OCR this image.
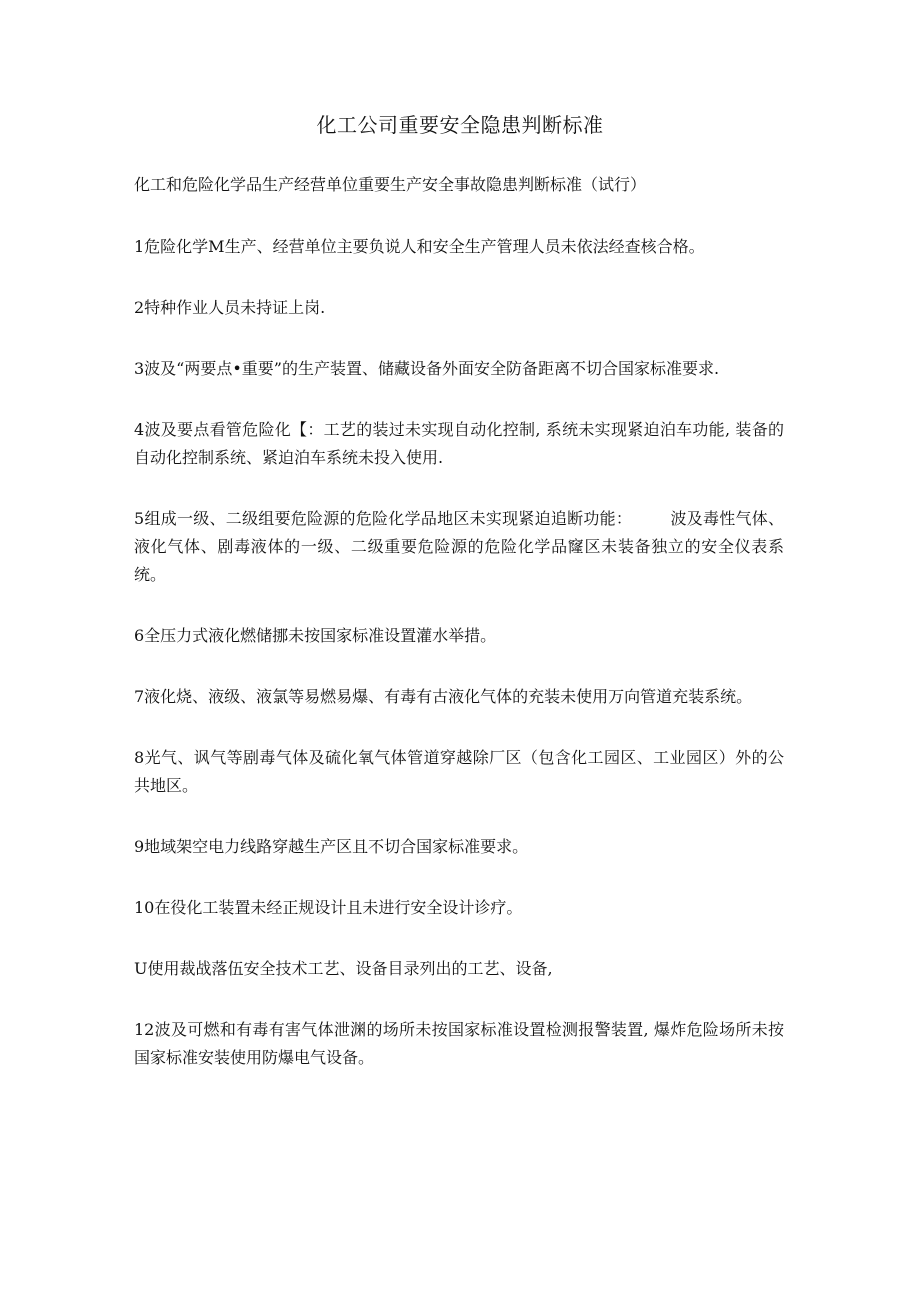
化工公司重要安全隐患判断标准

化工和危险化学品生产经营单位重要生产安全事故隐患判断标准（试行）

1危险化学M生产、经营单位主要负说人和安全生产管理人员未依法经查核合格。
2特种作业人员未持证上岗.
3波及“两要点•重要”的生产装置、储藏设备外面安全防备距离不切合国家标准要求.
4波及要点看管危险化【：工艺的装过未实现自动化控制, 系统未实现紧迫泊车功能, 装备的自动化控制系统、紧迫泊车系统未投入使用.
5组成一级、二级组要危险源的危险化学品地区未实现紧迫追断功能： 波及毒性气体、液化气体、剧毒液体的一级、二级重要危险源的危险化学品窿区未装备独立的安全仪表系统。
6全压力式液化燃储挪未按国家标准设置灌水举措。
7液化烧、液级、液氯等易燃易爆、有毒有古液化气体的充装未使用万向管道充装系统。
8光气、讽气等剧毒气体及硫化氧气体管道穿越除厂区（包含化工园区、工业园区）外的公共地区。
9地域架空电力线路穿越生产区且不切合国家标准要求。
10在役化工装置未经正规设计且未进行安全设计诊疗。
U使用裁战落伍安全技术工艺、设备目录列出的工艺、设备,
12波及可燃和有毒有害气体泄渊的场所未按国家标准设置检测报警装置, 爆炸危险场所未按国家标准安装使用防爆电气设备。
